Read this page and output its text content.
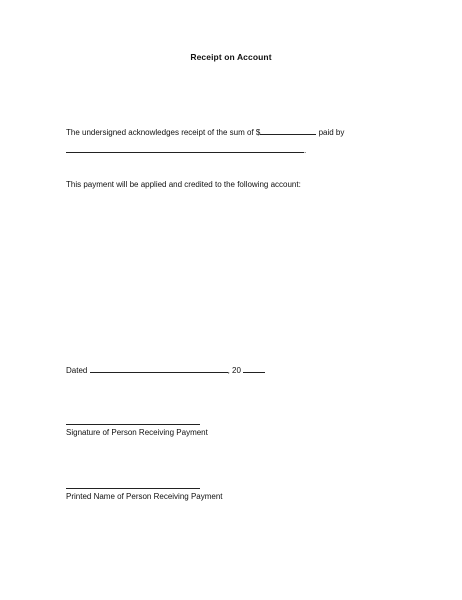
Receipt on Account
The undersigned acknowledges receipt of the sum of $	paid by
.
This payment will be applied and credited to the following account:
Dated	, 20
Signature of Person Receiving Payment
Printed Name of Person Receiving Payment
